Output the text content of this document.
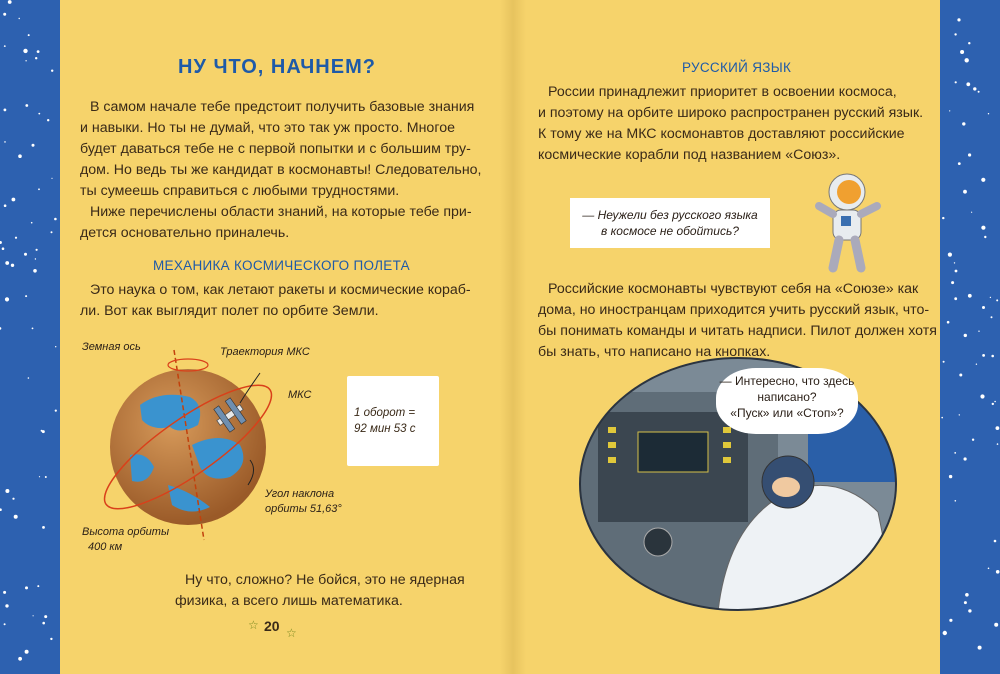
НУ ЧТО, НАЧНЕМ?
В самом начале тебе предстоит получить базовые знания
и навыки. Но ты не думай, что это так уж просто. Многое
будет даваться тебе не с первой попытки и с большим тру-
дом. Но ведь ты же кандидат в космонавты! Следовательно,
ты сумеешь справиться с любыми трудностями.
Ниже перечислены области знаний, на которые тебе при-
дется основательно приналечь.
МЕХАНИКА КОСМИЧЕСКОГО ПОЛЕТА
Это наука о том, как летают ракеты и космические кораб-
ли. Вот как выглядит полет по орбите Земли.
Земная ось	Траектория МКС
МКС
Угол наклона
орбиты 51,63°
Высота орбиты
400 км
1 оборот =
92 мин 53 с
Ну что, сложно? Не бойся, это не ядерная
физика, а всего лишь математика.
☆ 20 ☆
РУССКИЙ ЯЗЫК
России принадлежит приоритет в освоении космоса,
и поэтому на орбите широко распространен русский язык.
К тому же на МКС космонавтов доставляют российские
космические корабли под названием «Союз».
— Неужели без русского языка
в космосе не обойтись?
Российские космонавты чувствуют себя на «Союзе» как
дома, но иностранцам приходится учить русский язык, что-
бы понимать команды и читать надписи. Пилот должен хотя
бы знать, что написано на кнопках.
— Интересно, что здесь
написано?
«Пуск» или «Стоп»?
